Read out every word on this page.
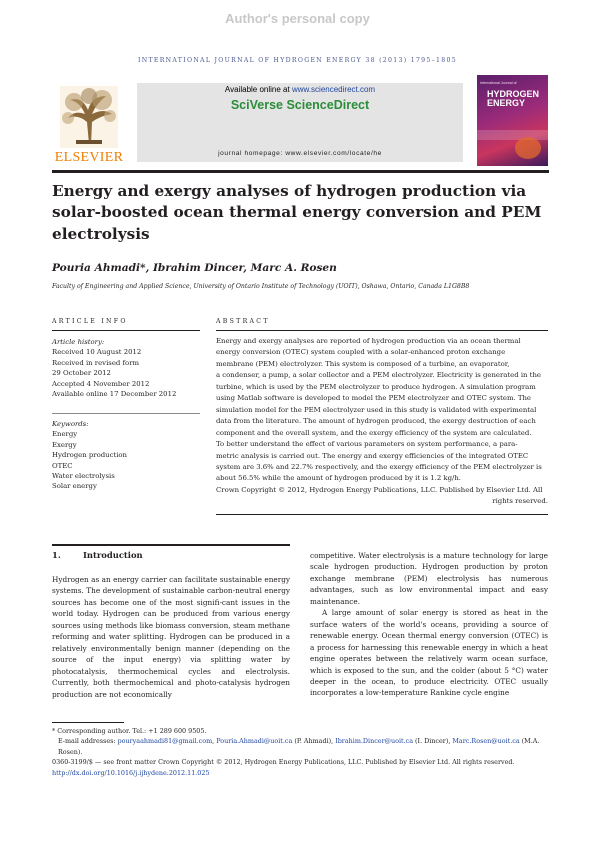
Author's personal copy
INTERNATIONAL JOURNAL OF HYDROGEN ENERGY 38 (2013) 1795–1805
ELSEVIER
Available online at www.sciencedirect.com
SciVerse ScienceDirect
journal homepage: www.elsevier.com/locate/he
International Journal of
HYDROGEN
ENERGY
Energy and exergy analyses of hydrogen production via
solar-boosted ocean thermal energy conversion and PEM
electrolysis
Pouria Ahmadi*, Ibrahim Dincer, Marc A. Rosen
Faculty of Engineering and Applied Science, University of Ontario Institute of Technology (UOIT), Oshawa, Ontario, Canada L1G8B8
ARTICLE INFO
Article history:
Received 10 August 2012
Received in revised form
29 October 2012
Accepted 4 November 2012
Available online 17 December 2012
Keywords:
Energy
Exergy
Hydrogen production
OTEC
Water electrolysis
Solar energy
ABSTRACT
Energy and exergy analyses are reported of hydrogen production via an ocean thermal
energy conversion (OTEC) system coupled with a solar-enhanced proton exchange
membrane (PEM) electrolyzer. This system is composed of a turbine, an evaporator,
a condenser, a pump, a solar collector and a PEM electrolyzer. Electricity is generated in the
turbine, which is used by the PEM electrolyzer to produce hydrogen. A simulation program
using Matlab software is developed to model the PEM electrolyzer and OTEC system. The
simulation model for the PEM electrolyzer used in this study is validated with experimental
data from the literature. The amount of hydrogen produced, the exergy destruction of each
component and the overall system, and the exergy efficiency of the system are calculated.
To better understand the effect of various parameters on system performance, a para-
metric analysis is carried out. The energy and exergy efficiencies of the integrated OTEC
system are 3.6% and 22.7% respectively, and the exergy efficiency of the PEM electrolyzer is
about 56.5% while the amount of hydrogen produced by it is 1.2 kg/h.
Crown Copyright © 2012, Hydrogen Energy Publications, LLC. Published by Elsevier Ltd. All
rights reserved.
1.	Introduction

Hydrogen as an energy carrier can facilitate sustainable energy systems. The development of sustainable carbon-neutral energy sources has become one of the most signifi-cant issues in the world today. Hydrogen can be produced from various energy sources using methods like biomass conversion, steam methane reforming and water splitting. Hydrogen can be produced in a relatively environmentally benign manner (depending on the source of the input energy) via splitting water by photocatalysis, thermochemical cycles and electrolysis. Currently, both thermochemical and photo-catalysis hydrogen production are not economically

competitive. Water electrolysis is a mature technology for large scale hydrogen production. Hydrogen production by proton exchange membrane (PEM) electrolysis has numerous advantages, such as low environmental impact and easy maintenance.

A large amount of solar energy is stored as heat in the surface waters of the world's oceans, providing a source of renewable energy. Ocean thermal energy conversion (OTEC) is a process for harnessing this renewable energy in which a heat engine operates between the relatively warm ocean surface, which is exposed to the sun, and the colder (about 5 °C) water deeper in the ocean, to produce electricity. OTEC usually incorporates a low-temperature Rankine cycle engine

* Corresponding author. Tel.: +1 289 600 9505.
E-mail addresses: pouryaahmadi81@gmail.com, Pouria.Ahmadi@uoit.ca (P. Ahmadi), Ibrahim.Dincer@uoit.ca (I. Dincer), Marc.Rosen@uoit.ca (M.A. Rosen).
0360-3199/$ — see front matter Crown Copyright © 2012, Hydrogen Energy Publications, LLC. Published by Elsevier Ltd. All rights reserved.
http://dx.doi.org/10.1016/j.ijhydene.2012.11.025
